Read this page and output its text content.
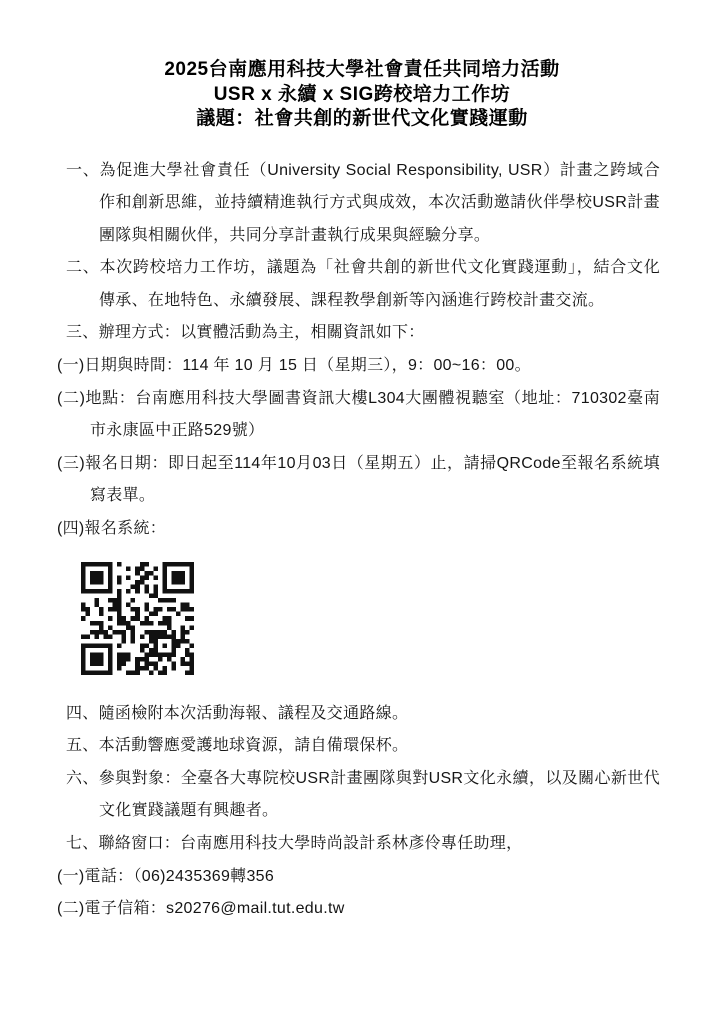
2025台南應用科技大學社會責任共同培力活動
USR x 永續 x SIG跨校培力工作坊
議題：社會共創的新世代文化實踐運動

一、為促進大學社會責任（University Social Responsibility, USR）計畫之跨域合作和創新思維，並持續精進執行方式與成效，本次活動邀請伙伴學校USR計畫團隊與相關伙伴，共同分享計畫執行成果與經驗分享。

二、本次跨校培力工作坊，議題為「社會共創的新世代文化實踐運動」，結合文化傳承、在地特色、永續發展、課程教學創新等內涵進行跨校計畫交流。

三、辦理方式：以實體活動為主，相關資訊如下：

(一)日期與時間：114 年 10 月 15 日（星期三），9：00~16：00。

(二)地點：台南應用科技大學圖書資訊大樓L304大團體視聽室（地址：710302臺南市永康區中正路529號）

(三)報名日期：即日起至114年10月03日（星期五）止，請掃QRCode至報名系統填寫表單。

(四)報名系統：

四、隨函檢附本次活動海報、議程及交通路線。

五、本活動響應愛護地球資源，請自備環保杯。

六、參與對象：全臺各大專院校USR計畫團隊與對USR文化永續，以及關心新世代文化實踐議題有興趣者。

七、聯絡窗口：台南應用科技大學時尚設計系林彥伶專任助理，

(一)電話：（06)2435369轉356

(二)電子信箱：s20276@mail.tut.edu.tw
